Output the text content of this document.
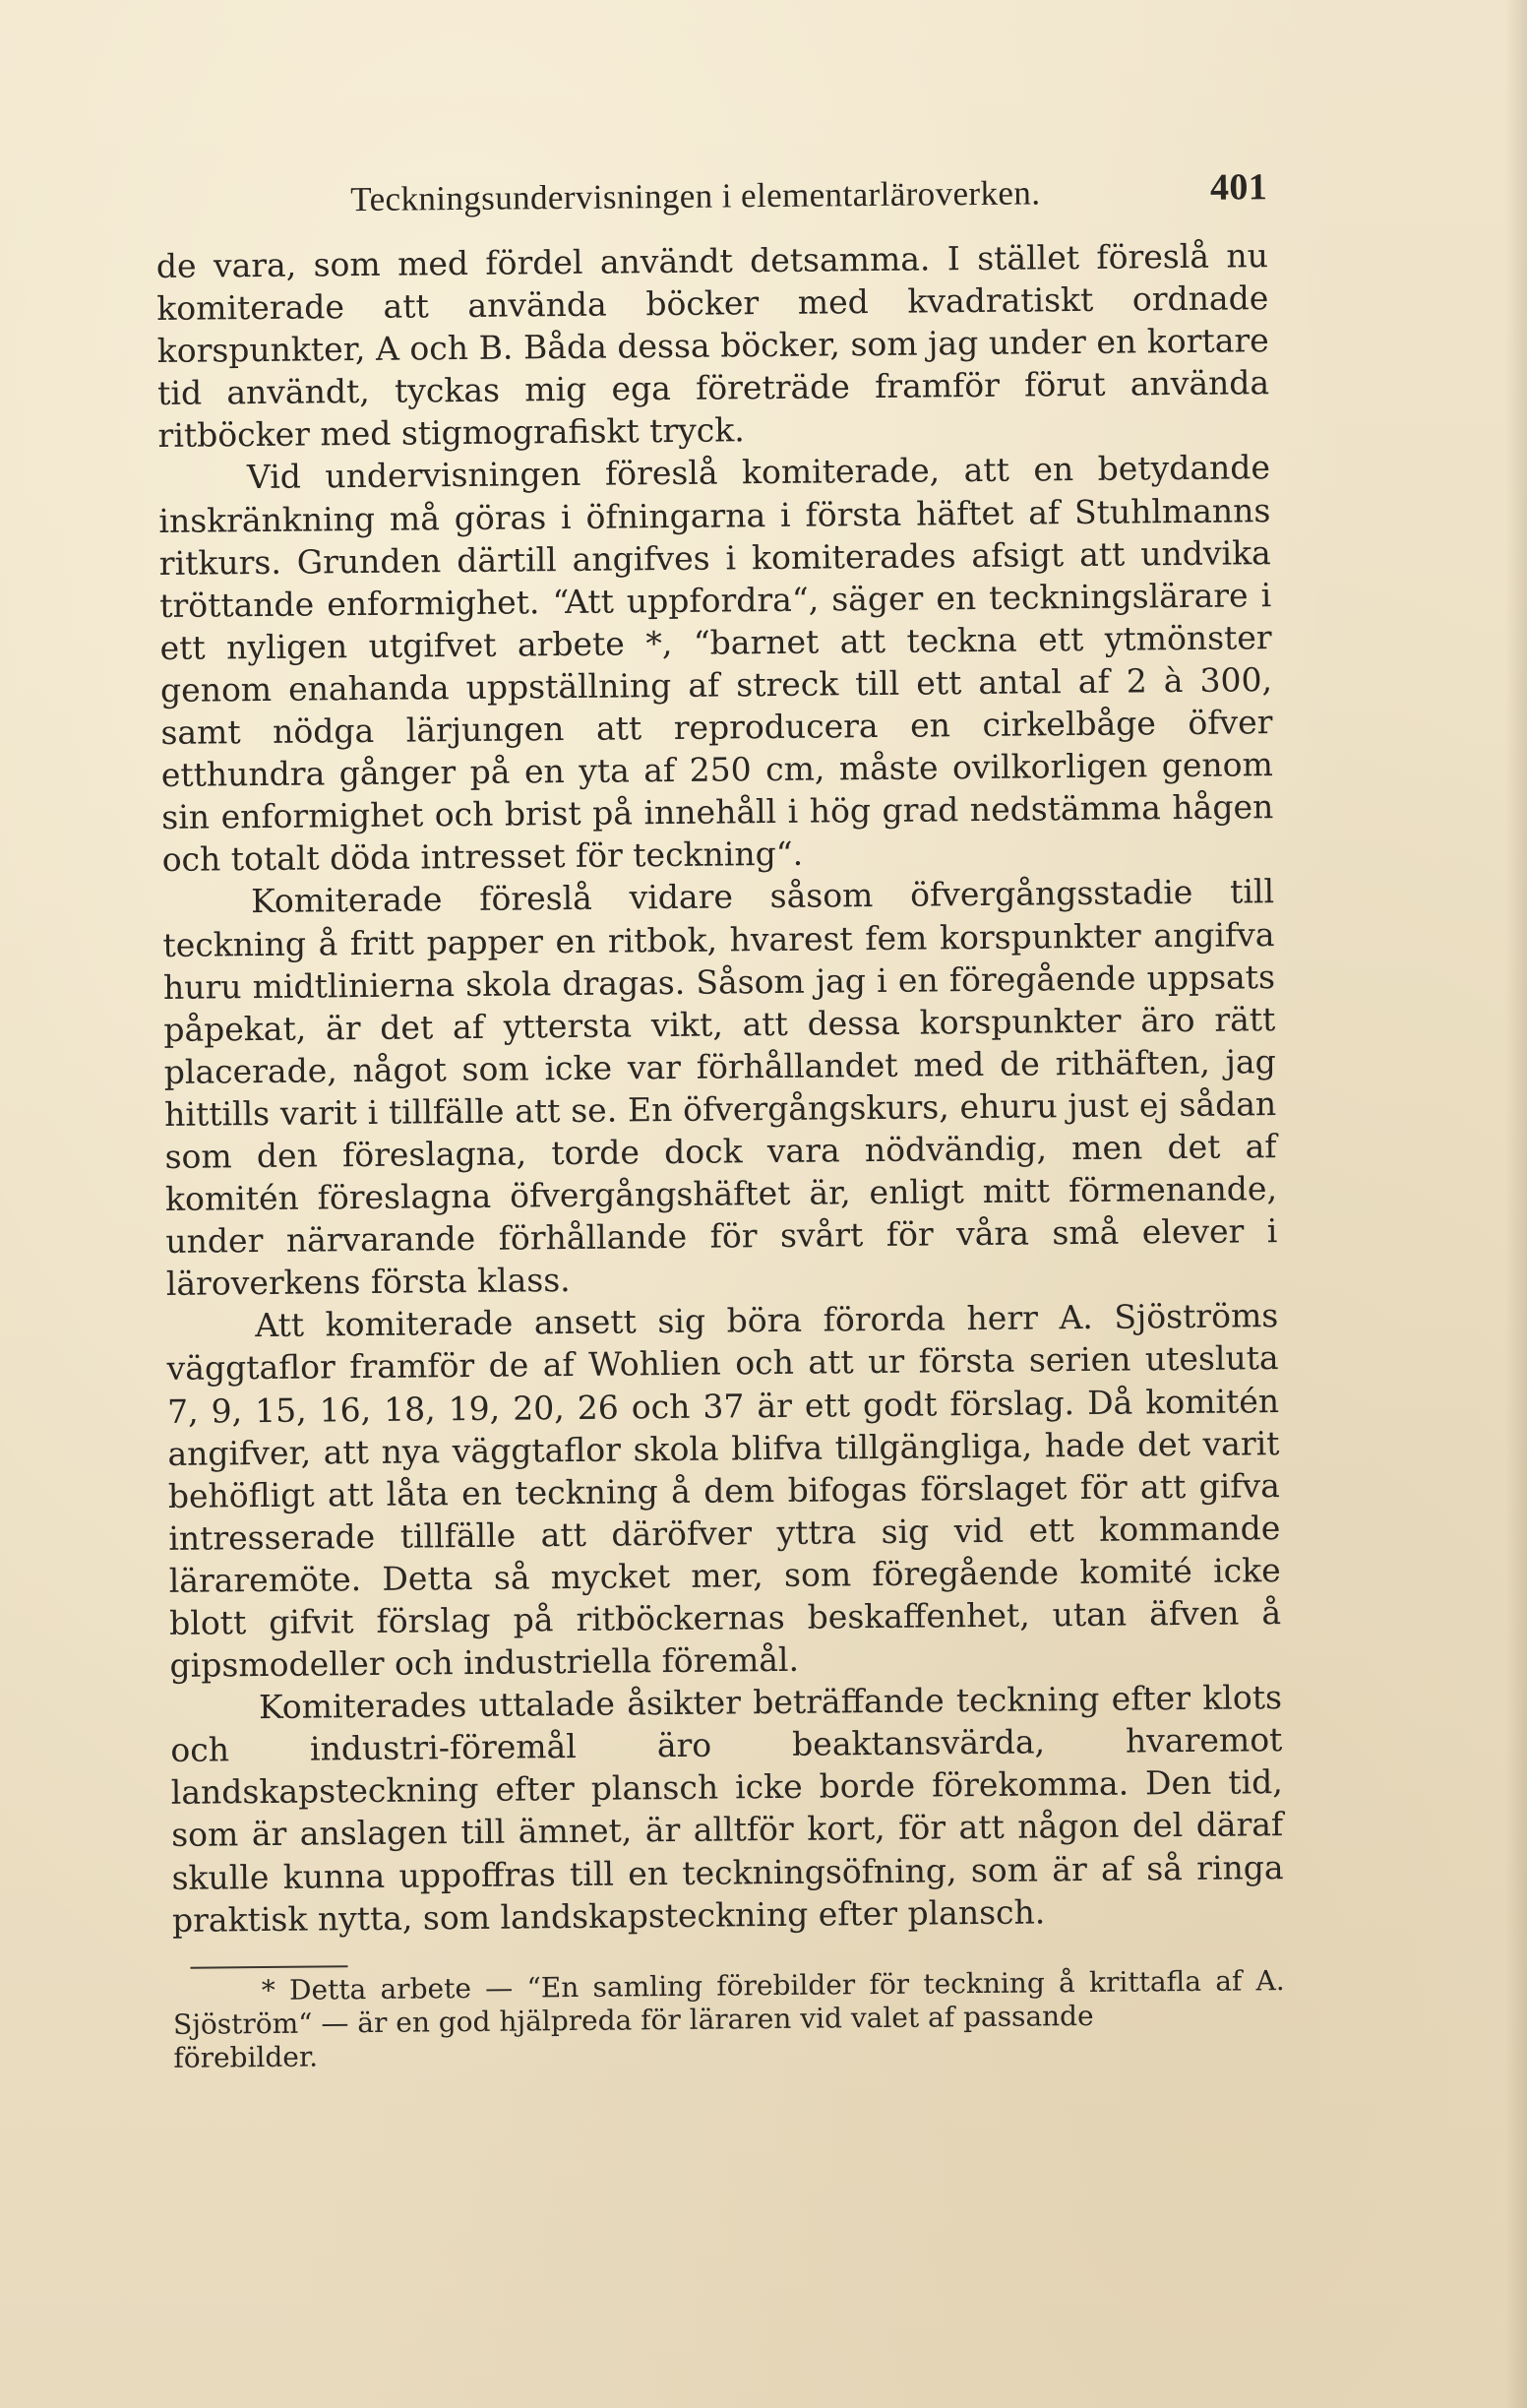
Teckningsundervisningen i elementarläroverken.	401

de vara, som med fördel användt detsamma. I stället föreslå nu komiterade att använda böcker med kvadratiskt ordnade korspunkter, A och B. Båda dessa böcker, som jag under en kortare tid användt, tyckas mig ega företräde framför förut använda ritböcker med stigmografiskt tryck.

Vid undervisningen föreslå komiterade, att en betydande inskränkning må göras i öfningarna i första häftet af Stuhlmanns ritkurs. Grunden därtill angifves i komiterades afsigt att undvika tröttande enformighet. “Att uppfordra“, säger en teckningslärare i ett nyligen utgifvet arbete *, “barnet att teckna ett ytmönster genom enahanda uppställning af streck till ett antal af 2 à 300, samt nödga lärjungen att reproducera en cirkelbåge öfver etthundra gånger på en yta af 250 cm, måste ovilkorligen genom sin enformighet och brist på innehåll i hög grad nedstämma hågen och totalt döda intresset för teckning“.

Komiterade föreslå vidare såsom öfvergångsstadie till teckning å fritt papper en ritbok, hvarest fem korspunkter angifva huru midtlinierna skola dragas. Såsom jag i en föregående uppsats påpekat, är det af yttersta vikt, att dessa korspunkter äro rätt placerade, något som icke var förhållandet med de rithäften, jag hittills varit i tillfälle att se. En öfvergångskurs, ehuru just ej sådan som den föreslagna, torde dock vara nödvändig, men det af komitén föreslagna öfvergångshäftet är, enligt mitt förmenande, under närvarande förhållande för svårt för våra små elever i läroverkens första klass.

Att komiterade ansett sig böra förorda herr A. Sjöströms väggtaflor framför de af Wohlien och att ur första serien utesluta 7, 9, 15, 16, 18, 19, 20, 26 och 37 är ett godt förslag. Då komitén angifver, att nya väggtaflor skola blifva tillgängliga, hade det varit behöfligt att låta en teckning å dem bifogas förslaget för att gifva intresserade tillfälle att däröfver yttra sig vid ett kommande läraremöte. Detta så mycket mer, som föregående komité icke blott gifvit förslag på ritböckernas beskaffenhet, utan äfven å gipsmodeller och industriella föremål.

Komiterades uttalade åsikter beträffande teckning efter klots och industri-föremål äro beaktansvärda, hvaremot landskapsteckning efter plansch icke borde förekomma. Den tid, som är anslagen till ämnet, är alltför kort, för att någon del däraf skulle kunna uppoffras till en teckningsöfning, som är af så ringa praktisk nytta, som landskapsteckning efter plansch.

* Detta arbete — “En samling förebilder för teckning å krittafla af A. Sjöström“ — är en god hjälpreda för läraren vid valet af passande

förebilder.
